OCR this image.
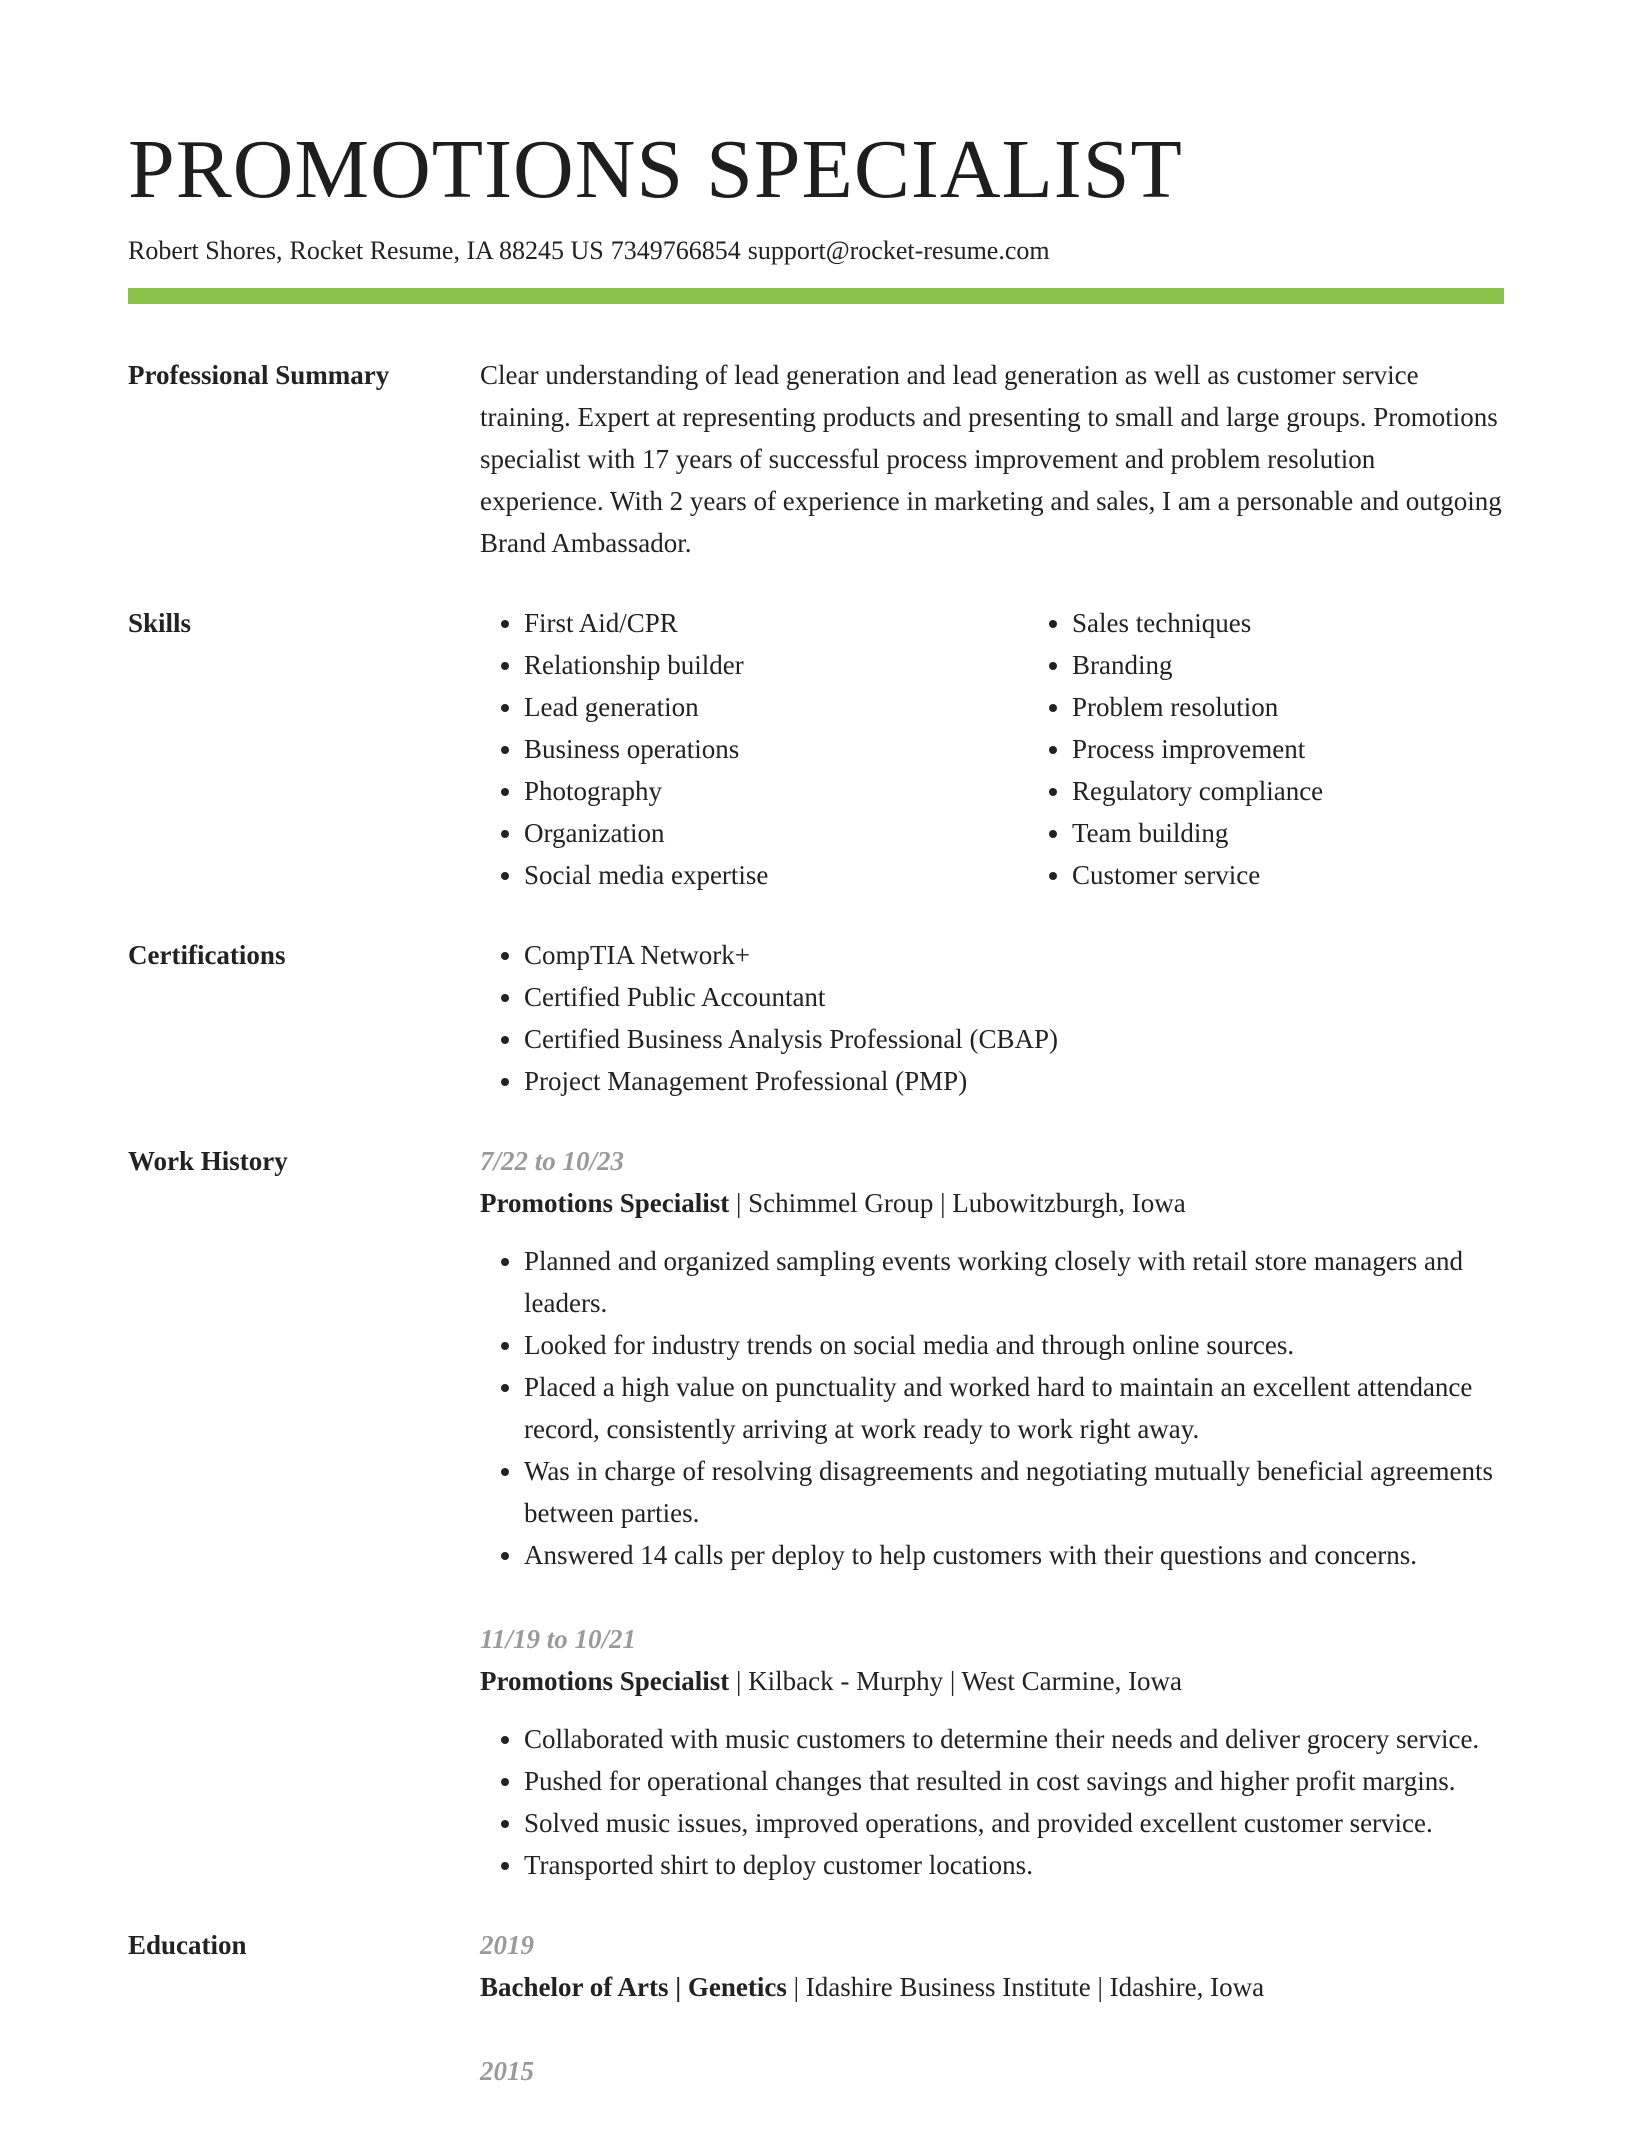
PROMOTIONS SPECIALIST
Robert Shores, Rocket Resume, IA 88245 US 7349766854 support@rocket-resume.com
Professional Summary	Clear understanding of lead generation and lead generation as well as customer service training. Expert at representing products and presenting to small and large groups. Promotions specialist with 17 years of successful process improvement and problem resolution experience. With 2 years of experience in marketing and sales, I am a personable and outgoing Brand Ambassador.

Skills	• First Aid/CPR
• Relationship builder
• Lead generation
• Business operations
• Photography
• Organization
• Social media expertise
• Sales techniques
• Branding
• Problem resolution
• Process improvement
• Regulatory compliance
• Team building
• Customer service
Certifications	• CompTIA Network+
• Certified Public Accountant
• Certified Business Analysis Professional (CBAP)
• Project Management Professional (PMP)
Work History	7/22 to 10/23
Promotions Specialist | Schimmel Group | Lubowitzburgh, Iowa
• Planned and organized sampling events working closely with retail store managers and leaders.
• Looked for industry trends on social media and through online sources.
• Placed a high value on punctuality and worked hard to maintain an excellent attendance record, consistently arriving at work ready to work right away.
• Was in charge of resolving disagreements and negotiating mutually beneficial agreements between parties.
• Answered 14 calls per deploy to help customers with their questions and concerns.
11/19 to 10/21
Promotions Specialist | Kilback - Murphy | West Carmine, Iowa
• Collaborated with music customers to determine their needs and deliver grocery service.
• Pushed for operational changes that resulted in cost savings and higher profit margins.
• Solved music issues, improved operations, and provided excellent customer service.
• Transported shirt to deploy customer locations.
Education	2019
Bachelor of Arts | Genetics | Idashire Business Institute | Idashire, Iowa
2015
